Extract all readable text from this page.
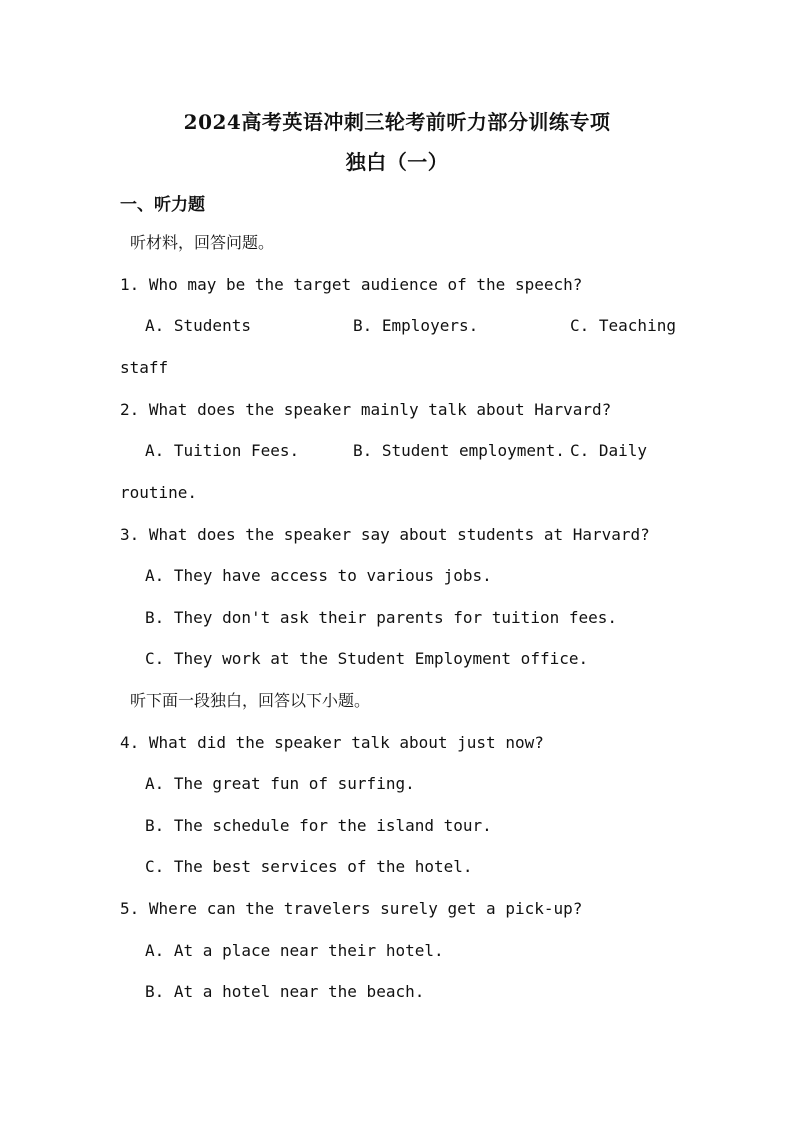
2024高考英语冲刺三轮考前听力部分训练专项
独白（一）
一、听力题
听材料，回答问题。
1. Who may be the target audience of the speech?
A. Students	B. Employers.	C. Teaching
staff
2. What does the speaker mainly talk about Harvard?
A. Tuition Fees.	B. Student employment. C. Daily
routine.
3. What does the speaker say about students at Harvard?
A. They have access to various jobs.
B. They don't ask their parents for tuition fees.
C. They work at the Student Employment office.
听下面一段独白，回答以下小题。
4. What did the speaker talk about just now?
A. The great fun of surfing.
B. The schedule for the island tour.
C. The best services of the hotel.
5. Where can the travelers surely get a pick-up?
A. At a place near their hotel.
B. At a hotel near the beach.
